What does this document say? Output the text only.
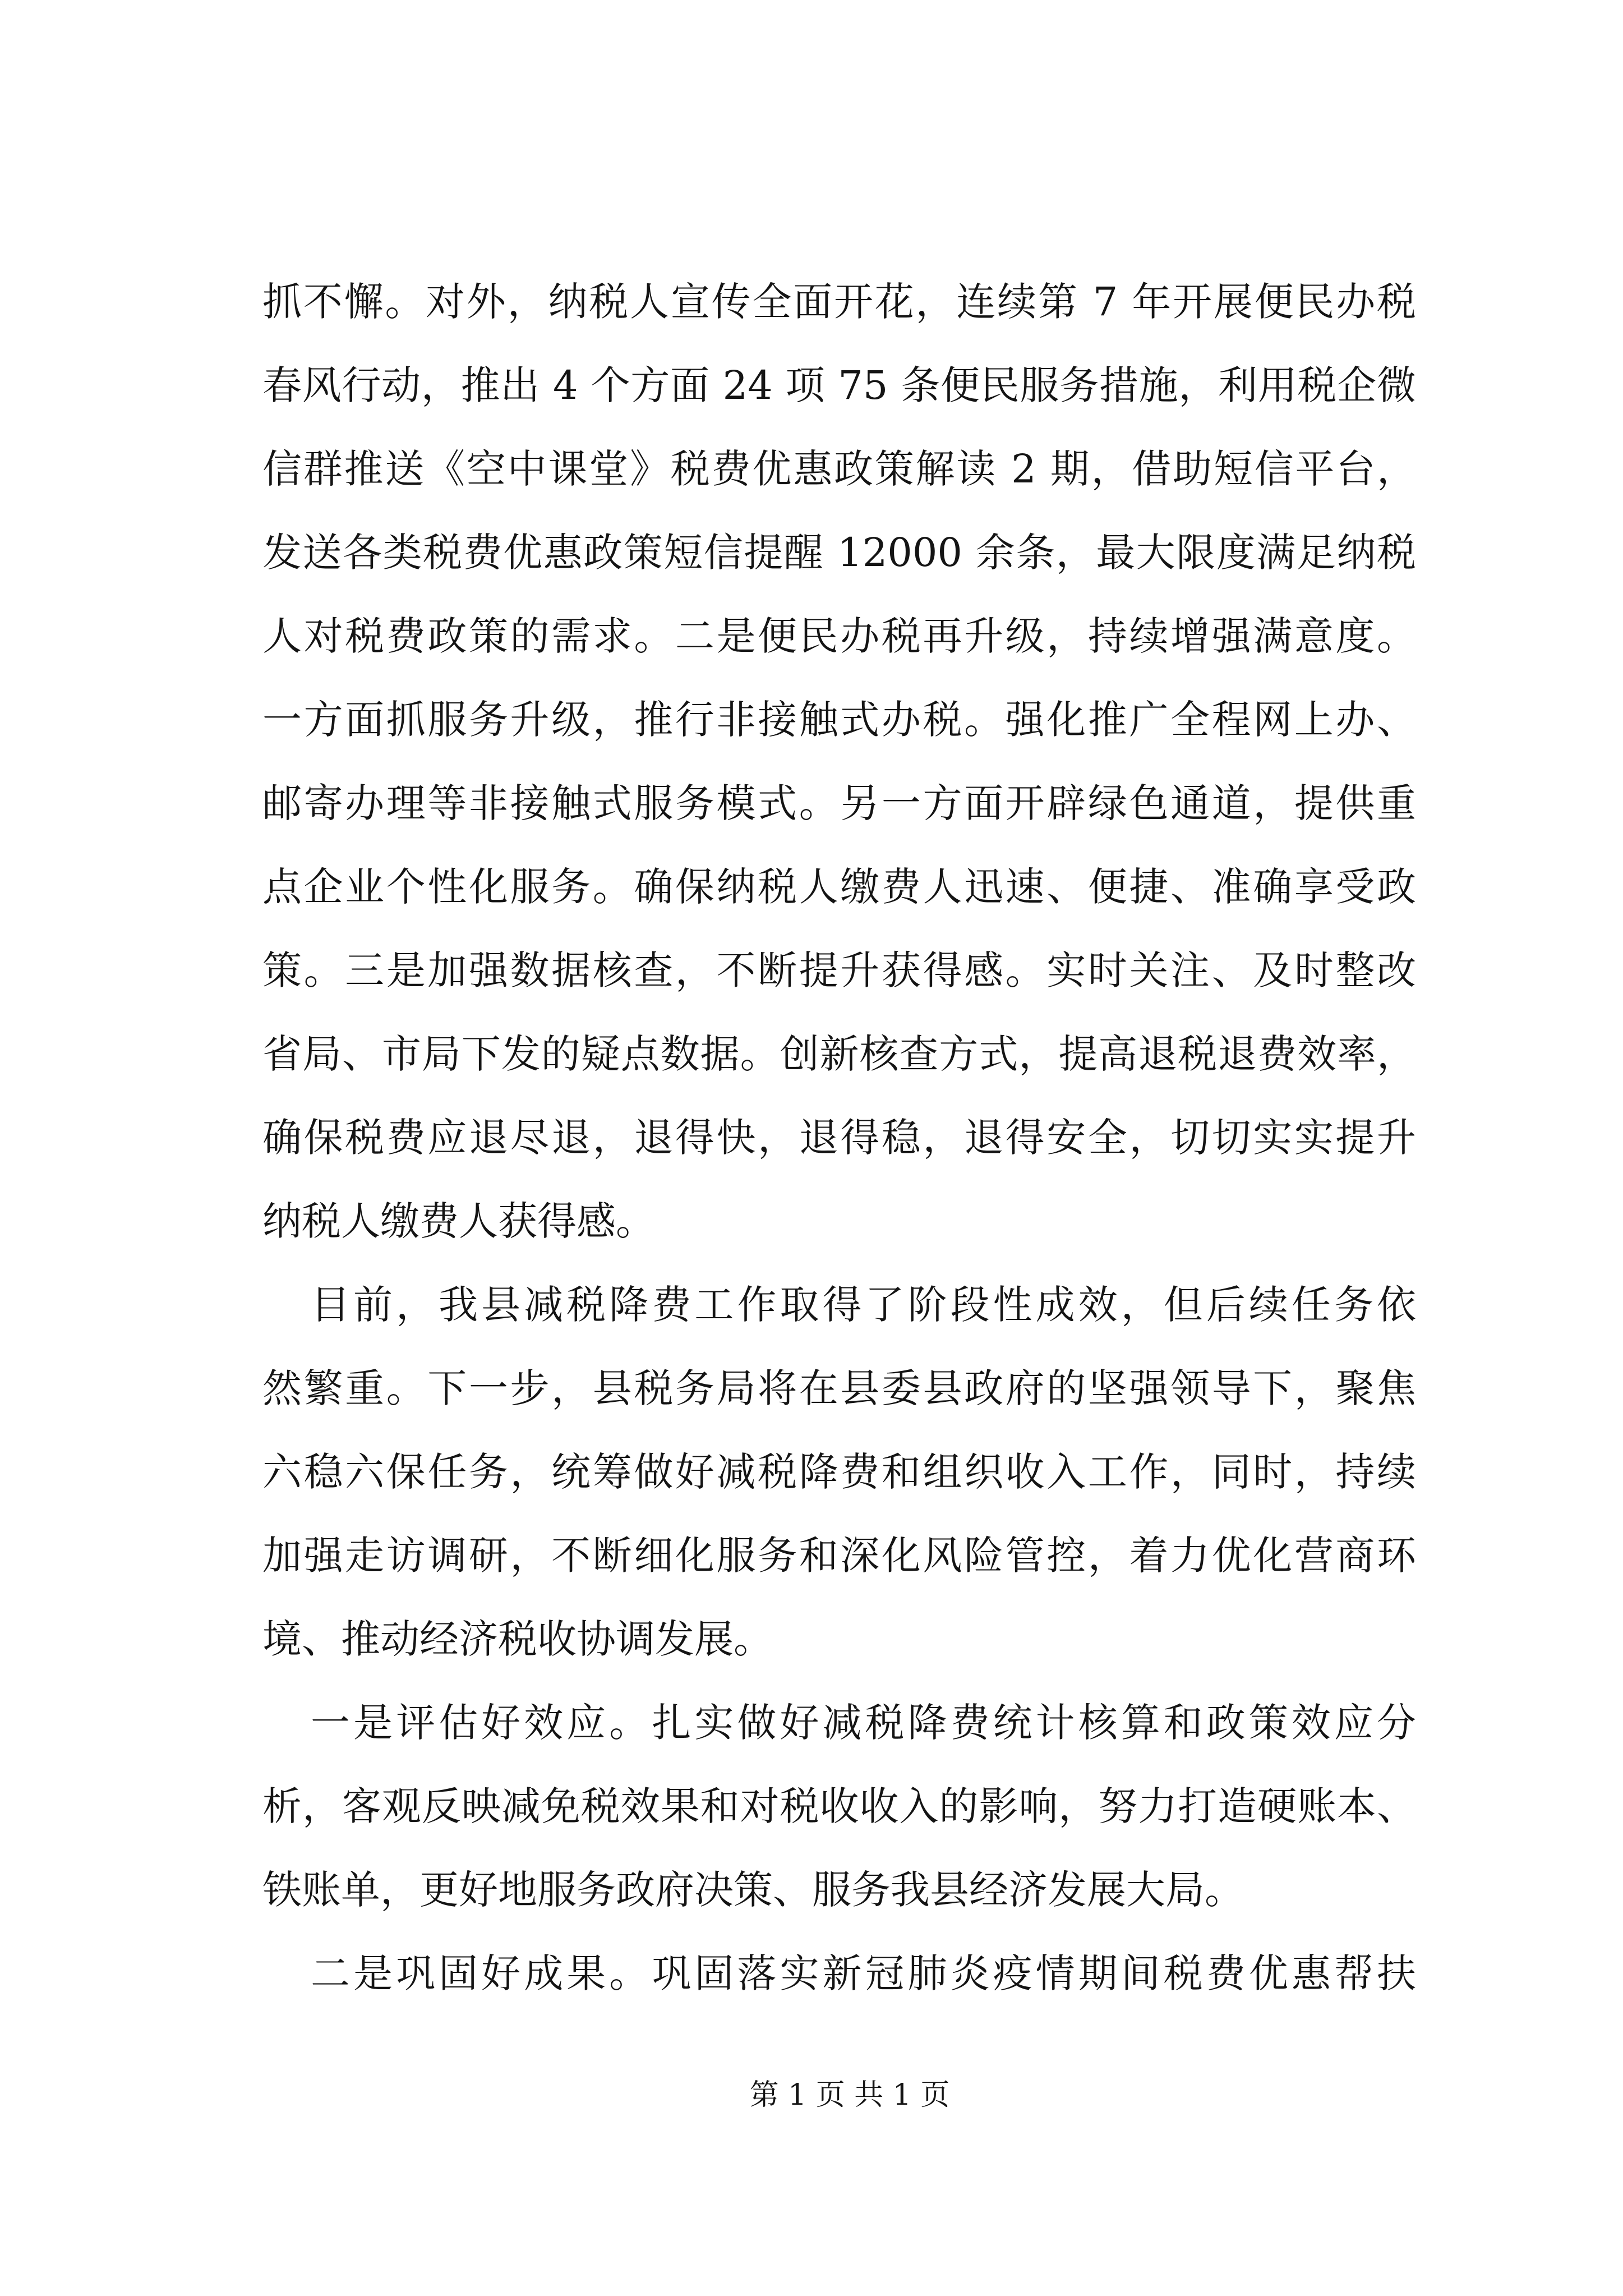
抓不懈。对外，纳税人宣传全面开花，连续第 7 年开展便民办税
春风行动，推出 4 个方面 24 项 75 条便民服务措施，利用税企微
信群推送《空中课堂》税费优惠政策解读 2 期，借助短信平台，
发送各类税费优惠政策短信提醒 12000 余条，最大限度满足纳税
人对税费政策的需求。二是便民办税再升级，持续增强满意度。
一方面抓服务升级，推行非接触式办税。强化推广全程网上办、
邮寄办理等非接触式服务模式。另一方面开辟绿色通道，提供重
点企业个性化服务。确保纳税人缴费人迅速、便捷、准确享受政
策。三是加强数据核查，不断提升获得感。实时关注、及时整改
省局、市局下发的疑点数据。创新核查方式，提高退税退费效率，
确保税费应退尽退，退得快，退得稳，退得安全，切切实实提升
纳税人缴费人获得感。
目前，我县减税降费工作取得了阶段性成效，但后续任务依
然繁重。下一步，县税务局将在县委县政府的坚强领导下，聚焦
六稳六保任务，统筹做好减税降费和组织收入工作，同时，持续
加强走访调研，不断细化服务和深化风险管控，着力优化营商环
境、推动经济税收协调发展。
一是评估好效应。扎实做好减税降费统计核算和政策效应分
析，客观反映减免税效果和对税收收入的影响，努力打造硬账本、
铁账单，更好地服务政府决策、服务我县经济发展大局。
二是巩固好成果。巩固落实新冠肺炎疫情期间税费优惠帮扶
第 1 页 共 1 页
